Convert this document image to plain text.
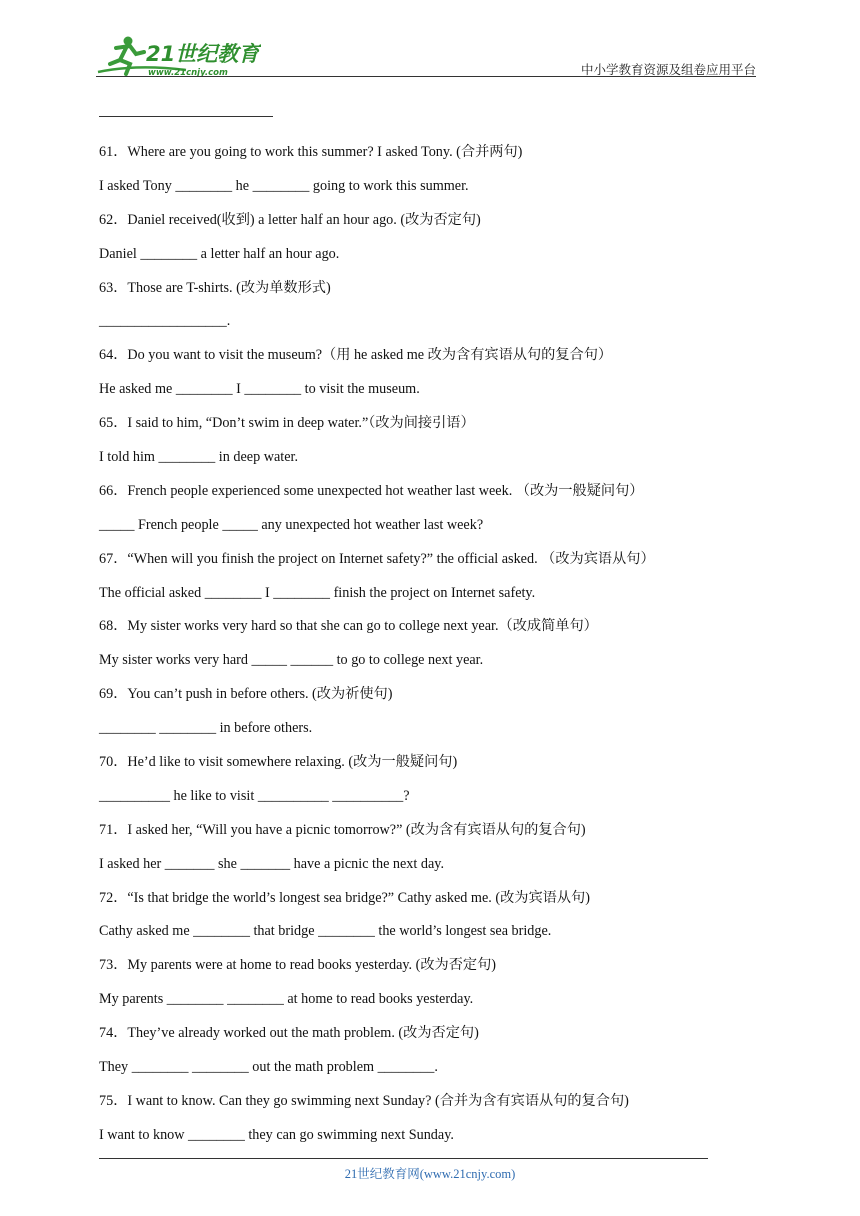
21世纪教育
www.21cnjy.com	中小学教育资源及组卷应用平台
61．Where are you going to work this summer? I asked Tony. (合并两句)
I asked Tony ________ he ________ going to work this summer.
62．Daniel received(收到) a letter half an hour ago. (改为否定句)
Daniel ________ a letter half an hour ago.
63．Those are T-shirts. (改为单数形式)
__________________.
64．Do you want to visit the museum?（用 he asked me 改为含有宾语从句的复合句）
He asked me ________ I ________ to visit the museum.
65．I said to him, “Don’t swim in deep water.”（改为间接引语）
I told him ________ in deep water.
66．French people experienced some unexpected hot weather last week. （改为一般疑问句）
_____ French people _____ any unexpected hot weather last week?
67．“When will you finish the project on Internet safety?” the official asked. （改为宾语从句）
The official asked ________ I ________ finish the project on Internet safety.
68．My sister works very hard so that she can go to college next year.（改成简单句）
My sister works very hard _____ ______ to go to college next year.
69．You can’t push in before others. (改为祈使句)
________ ________ in before others.
70．He’d like to visit somewhere relaxing. (改为一般疑问句)
__________ he like to visit __________ __________?
71．I asked her, “Will you have a picnic tomorrow?” (改为含有宾语从句的复合句)
I asked her _______ she _______ have a picnic the next day.
72．“Is that bridge the world’s longest sea bridge?” Cathy asked me. (改为宾语从句)
Cathy asked me ________ that bridge ________ the world’s longest sea bridge.
73．My parents were at home to read books yesterday. (改为否定句)
My parents ________ ________ at home to read books yesterday.
74．They’ve already worked out the math problem. (改为否定句)
They ________ ________ out the math problem ________.
75．I want to know. Can they go swimming next Sunday? (合并为含有宾语从句的复合句)
I want to know ________ they can go swimming next Sunday.
21世纪教育网(www.21cnjy.com)
